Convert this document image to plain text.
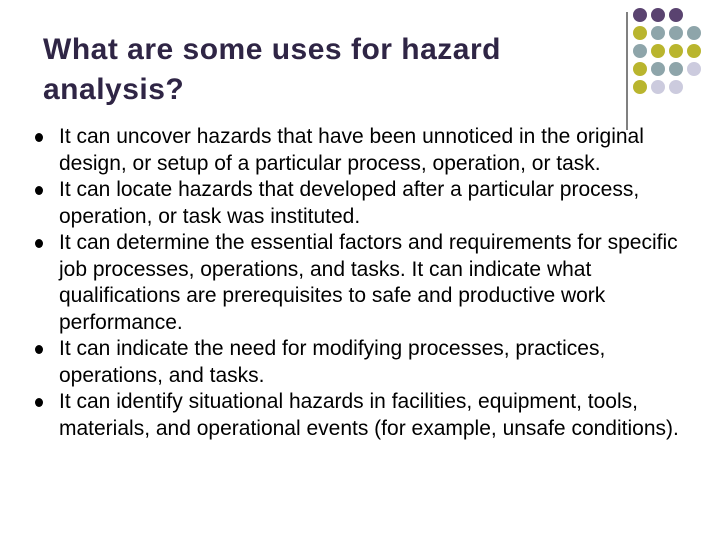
What are some uses for hazard analysis?
It can uncover hazards that have been unnoticed in the original design, or setup of a particular process, operation, or task.
It can locate hazards that developed after a particular process, operation, or task was instituted.
It can determine the essential factors and requirements for specific job processes, operations, and tasks. It can indicate what qualifications are prerequisites to safe and productive work performance.
It can indicate the need for modifying processes, practices, operations, and tasks.
It can identify situational hazards in facilities, equipment, tools, materials, and operational events (for example, unsafe conditions).
